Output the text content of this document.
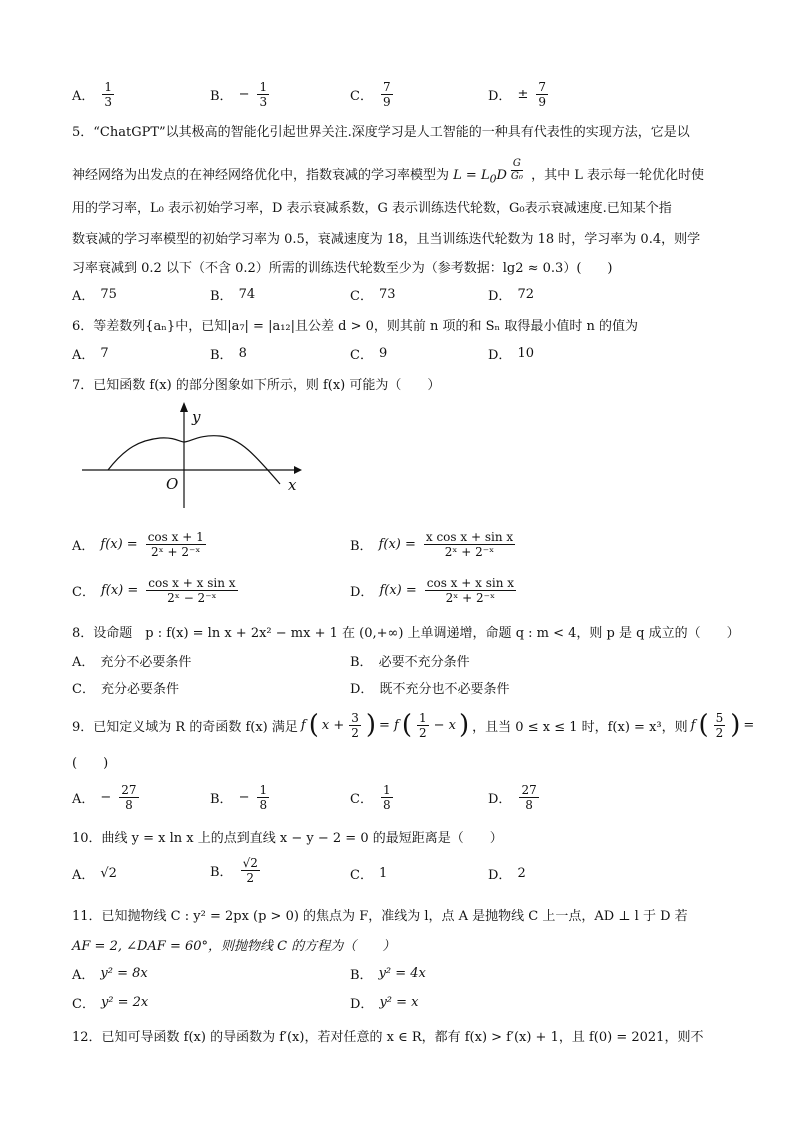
A． $\frac{1}{3}$	B． − $\frac{1}{3}$	C． $\frac{7}{9}$	D． ± $\frac{7}{9}$
5．“ChatGPT”以其极高的智能化引起世界关注.深度学习是人工智能的一种具有代表性的实现方法，它是以
神经网络为出发点的在神经网络优化中，指数衰减的学习率模型为 $L = L_0D$ $^{\frac{G}{\text{G₀}}}$ ，其中 L 表示每一轮优化时使
用的学习率，L₀ 表示初始学习率，D 表示衰减系数，G 表示训练迭代轮数，G₀表示衰减速度.已知某个指
数衰减的学习率模型的初始学习率为 0.5，衰减速度为 18，且当训练迭代轮数为 18 时，学习率为 0.4，则学
习率衰减到 0.2 以下（不含 0.2）所需的训练迭代轮数至少为（参考数据：lg2 ≈ 0.3）(　　)
A． 75	B． 74	C． 73	D． 72
6．等差数列{aₙ}中，已知|a₇| = |a₁₂|且公差 d > 0，则其前 n 项的和 Sₙ 取得最小值时 n 的值为
A． 7	B． 8	C． 9	D． 10
7．已知函数 f(x) 的部分图象如下所示，则 f(x) 可能为（　　）
y
x
O
A． $f(x) = \frac{\text{cos x + 1}}{\text{2ˣ + 2⁻ˣ}}$	B． $f(x) = \frac{\text{x cos x + sin x}}{\text{2ˣ + 2⁻ˣ}}$
C． $f(x) = \frac{\text{cos x + x sin x}}{\text{2ˣ − 2⁻ˣ}}$	D． $f(x) = \frac{\text{cos x + x sin x}}{\text{2ˣ + 2⁻ˣ}}$
8．设命题　p : f(x) = ln x + 2x² − mx + 1 在 (0,+∞) 上单调递增，命题 q : m < 4，则 p 是 q 成立的（　　）
A． 充分不必要条件	B． 必要不充分条件
C． 充分必要条件	D． 既不充分也不必要条件
9．已知定义域为 R 的奇函数 f(x) 满足 f ( $x + \frac{3}{2}$ ) = f ( $\frac{1}{2} - x$ ) ，且当 0 ≤ x ≤ 1 时，f(x) = x³，则 f ( $\frac{5}{2}$ ) =
(　　)
A． − $\frac{27}{8}$	B． − $\frac{1}{8}$	C． $\frac{1}{8}$	D． $\frac{27}{8}$
10．曲线 y = x ln x 上的点到直线 x − y − 2 = 0 的最短距离是（　　）
A． √2	B． $\frac{√2}{2}$	C． 1	D． 2
11．已知抛物线 C : y² = 2px (p > 0) 的焦点为 F，准线为 l，点 A 是抛物线 C 上一点，AD ⊥ l 于 D 若
AF = 2, ∠DAF = 60°，则抛物线 C 的方程为（　　）
A． y² = 8x	B． y² = 4x
C． y² = 2x	D． y² = x
12．已知可导函数 f(x) 的导函数为 f′(x)，若对任意的 x ∈ R，都有 f(x) > f′(x) + 1，且 f(0) = 2021，则不
